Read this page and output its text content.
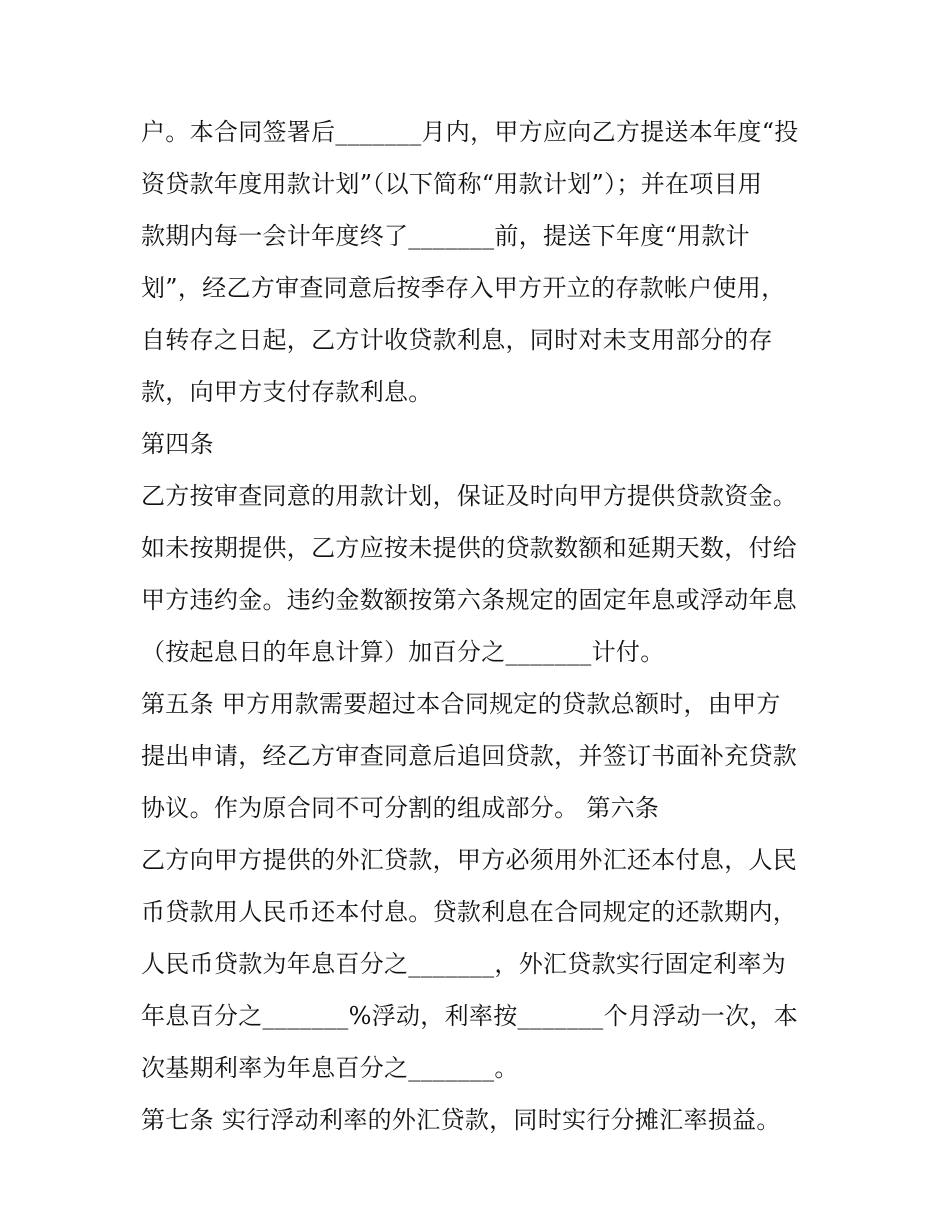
户。本合同签署后_______月内，甲方应向乙方提送本年度“投
资贷款年度用款计划”（以下简称“用款计划”）；并在项目用
款期内每一会计年度终了_______前，提送下年度“用款计
划”，经乙方审查同意后按季存入甲方开立的存款帐户使用，
自转存之日起，乙方计收贷款利息，同时对未支用部分的存
款，向甲方支付存款利息。
第四条
乙方按审查同意的用款计划，保证及时向甲方提供贷款资金。
如未按期提供，乙方应按未提供的贷款数额和延期天数，付给
甲方违约金。违约金数额按第六条规定的固定年息或浮动年息
（按起息日的年息计算）加百分之_______计付。
第五条 甲方用款需要超过本合同规定的贷款总额时，由甲方
提出申请，经乙方审查同意后追回贷款，并签订书面补充贷款
协议。作为原合同不可分割的组成部分。 第六条
乙方向甲方提供的外汇贷款，甲方必须用外汇还本付息，人民
币贷款用人民币还本付息。贷款利息在合同规定的还款期内，
人民币贷款为年息百分之_______，外汇贷款实行固定利率为
年息百分之_______%浮动，利率按_______个月浮动一次，本
次基期利率为年息百分之_______。
第七条 实行浮动利率的外汇贷款，同时实行分摊汇率损益。
